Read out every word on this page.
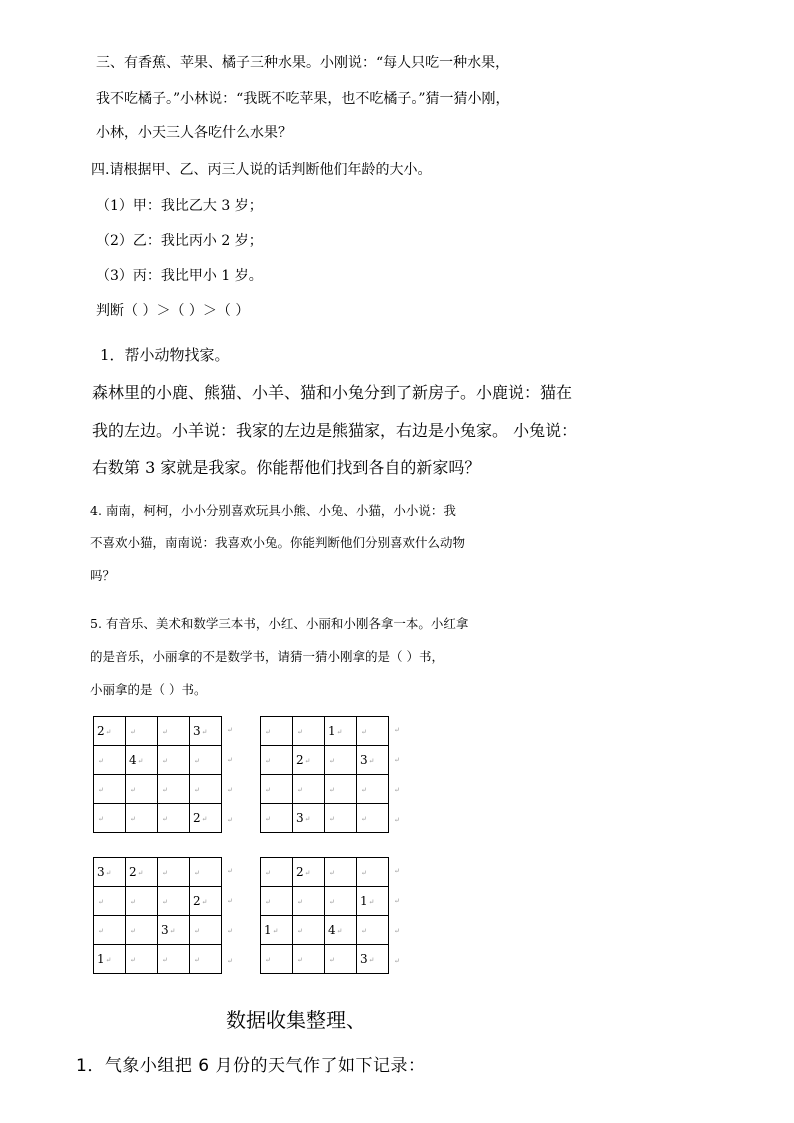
三、有香蕉、苹果、橘子三种水果。小刚说：“每人只吃一种水果，
我不吃橘子。”小林说：“我既不吃苹果，也不吃橘子。”猜一猜小刚，
小林，小天三人各吃什么水果？
四.请根据甲、乙、丙三人说的话判断他们年龄的大小。
（1）甲：我比乙大 3 岁；
（2）乙：我比丙小 2 岁；
（3）丙：我比甲小 1 岁。
判断（ ）＞（ ）＞（ ）
1．帮小动物找家。
森林里的小鹿、熊猫、小羊、猫和小兔分到了新房子。小鹿说：猫在
我的左边。小羊说：我家的左边是熊猫家，右边是小兔家。 小兔说：
右数第 3 家就是我家。你能帮他们找到各自的新家吗？
4. 南南，柯柯，小小分别喜欢玩具小熊、小兔、小猫，小小说：我
不喜欢小猫，南南说：我喜欢小兔。你能判断他们分别喜欢什么动物
吗？
5. 有音乐、美术和数学三本书，小红、小丽和小刚各拿一本。小红拿
的是音乐，小丽拿的不是数学书，请猜一猜小刚拿的是（ ）书，
小丽拿的是（ ）书。
2↵	↵	↵	3↵
↵	4↵	↵	↵
↵	↵	↵	↵
↵	↵	↵	2↵
↵	↵	1↵	↵
↵	2↵	↵	3↵
↵	↵	↵	↵
↵	3↵	↵	↵
3↵	2↵	↵	↵
↵	↵	↵	2↵
↵	↵	3↵	↵
1↵	↵	↵	↵
↵	2↵	↵	↵
↵	↵	↵	1↵
1↵	↵	4↵	↵
↵	↵	↵	3↵
数据收集整理、
1．气象小组把 6 月份的天气作了如下记录：
↵
↵
↵
↵
↵
↵
↵
↵
↵
↵
↵
↵
↵
↵
↵
↵
